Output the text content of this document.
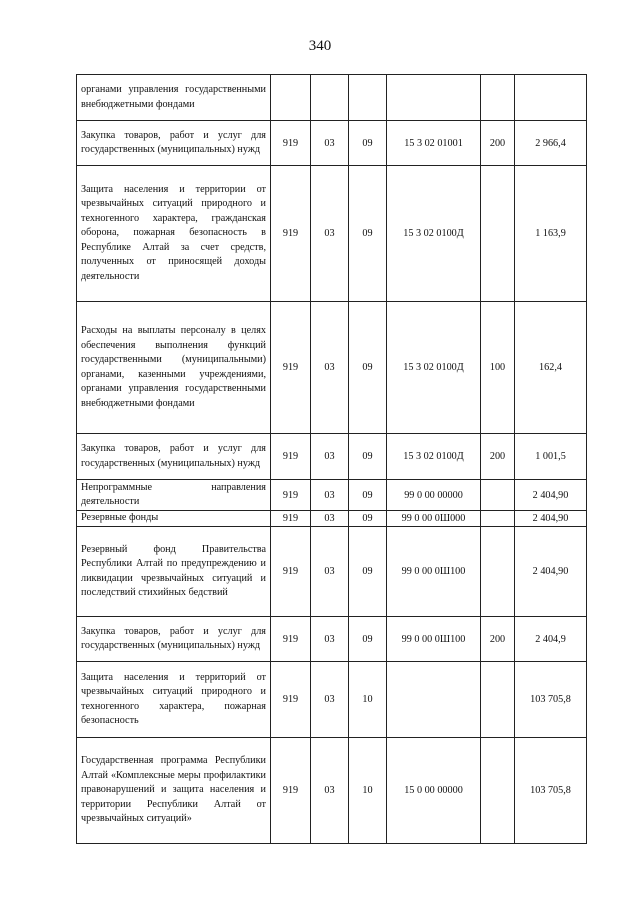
340
органами управления государственными внебюджетными фондами						
Закупка товаров, работ и услуг для государственных (муниципальных) нужд	919	03	09	15 3 02 01001	200	2 966,4
Защита населения и территории от чрезвычайных ситуаций природного и техногенного характера, гражданская оборона, пожарная безопасность в Республике Алтай за счет средств, полученных от приносящей доходы деятельности	919	03	09	15 3 02 0100Д		1 163,9
Расходы на выплаты персоналу в целях обеспечения выполнения функций государственными (муниципальными) органами, казенными учреждениями, органами управления государственными внебюджетными фондами	919	03	09	15 3 02 0100Д	100	162,4
Закупка товаров, работ и услуг для государственных (муниципальных) нужд	919	03	09	15 3 02 0100Д	200	1 001,5
Непрограммные направления деятельности	919	03	09	99 0 00 00000		2 404,90
Резервные фонды	919	03	09	99 0 00 0Ш000		2 404,90
Резервный фонд Правительства Республики Алтай по предупреждению и ликвидации чрезвычайных ситуаций и последствий стихийных бедствий	919	03	09	99 0 00 0Ш100		2 404,90
Закупка товаров, работ и услуг для государственных (муниципальных) нужд	919	03	09	99 0 00 0Ш100	200	2 404,9
Защита населения и территорий от чрезвычайных ситуаций природного и техногенного характера, пожарная безопасность	919	03	10			103 705,8
Государственная программа Республики Алтай «Комплексные меры профилактики правонарушений и защита населения и территории Республики Алтай от чрезвычайных ситуаций»	919	03	10	15 0 00 00000		103 705,8
